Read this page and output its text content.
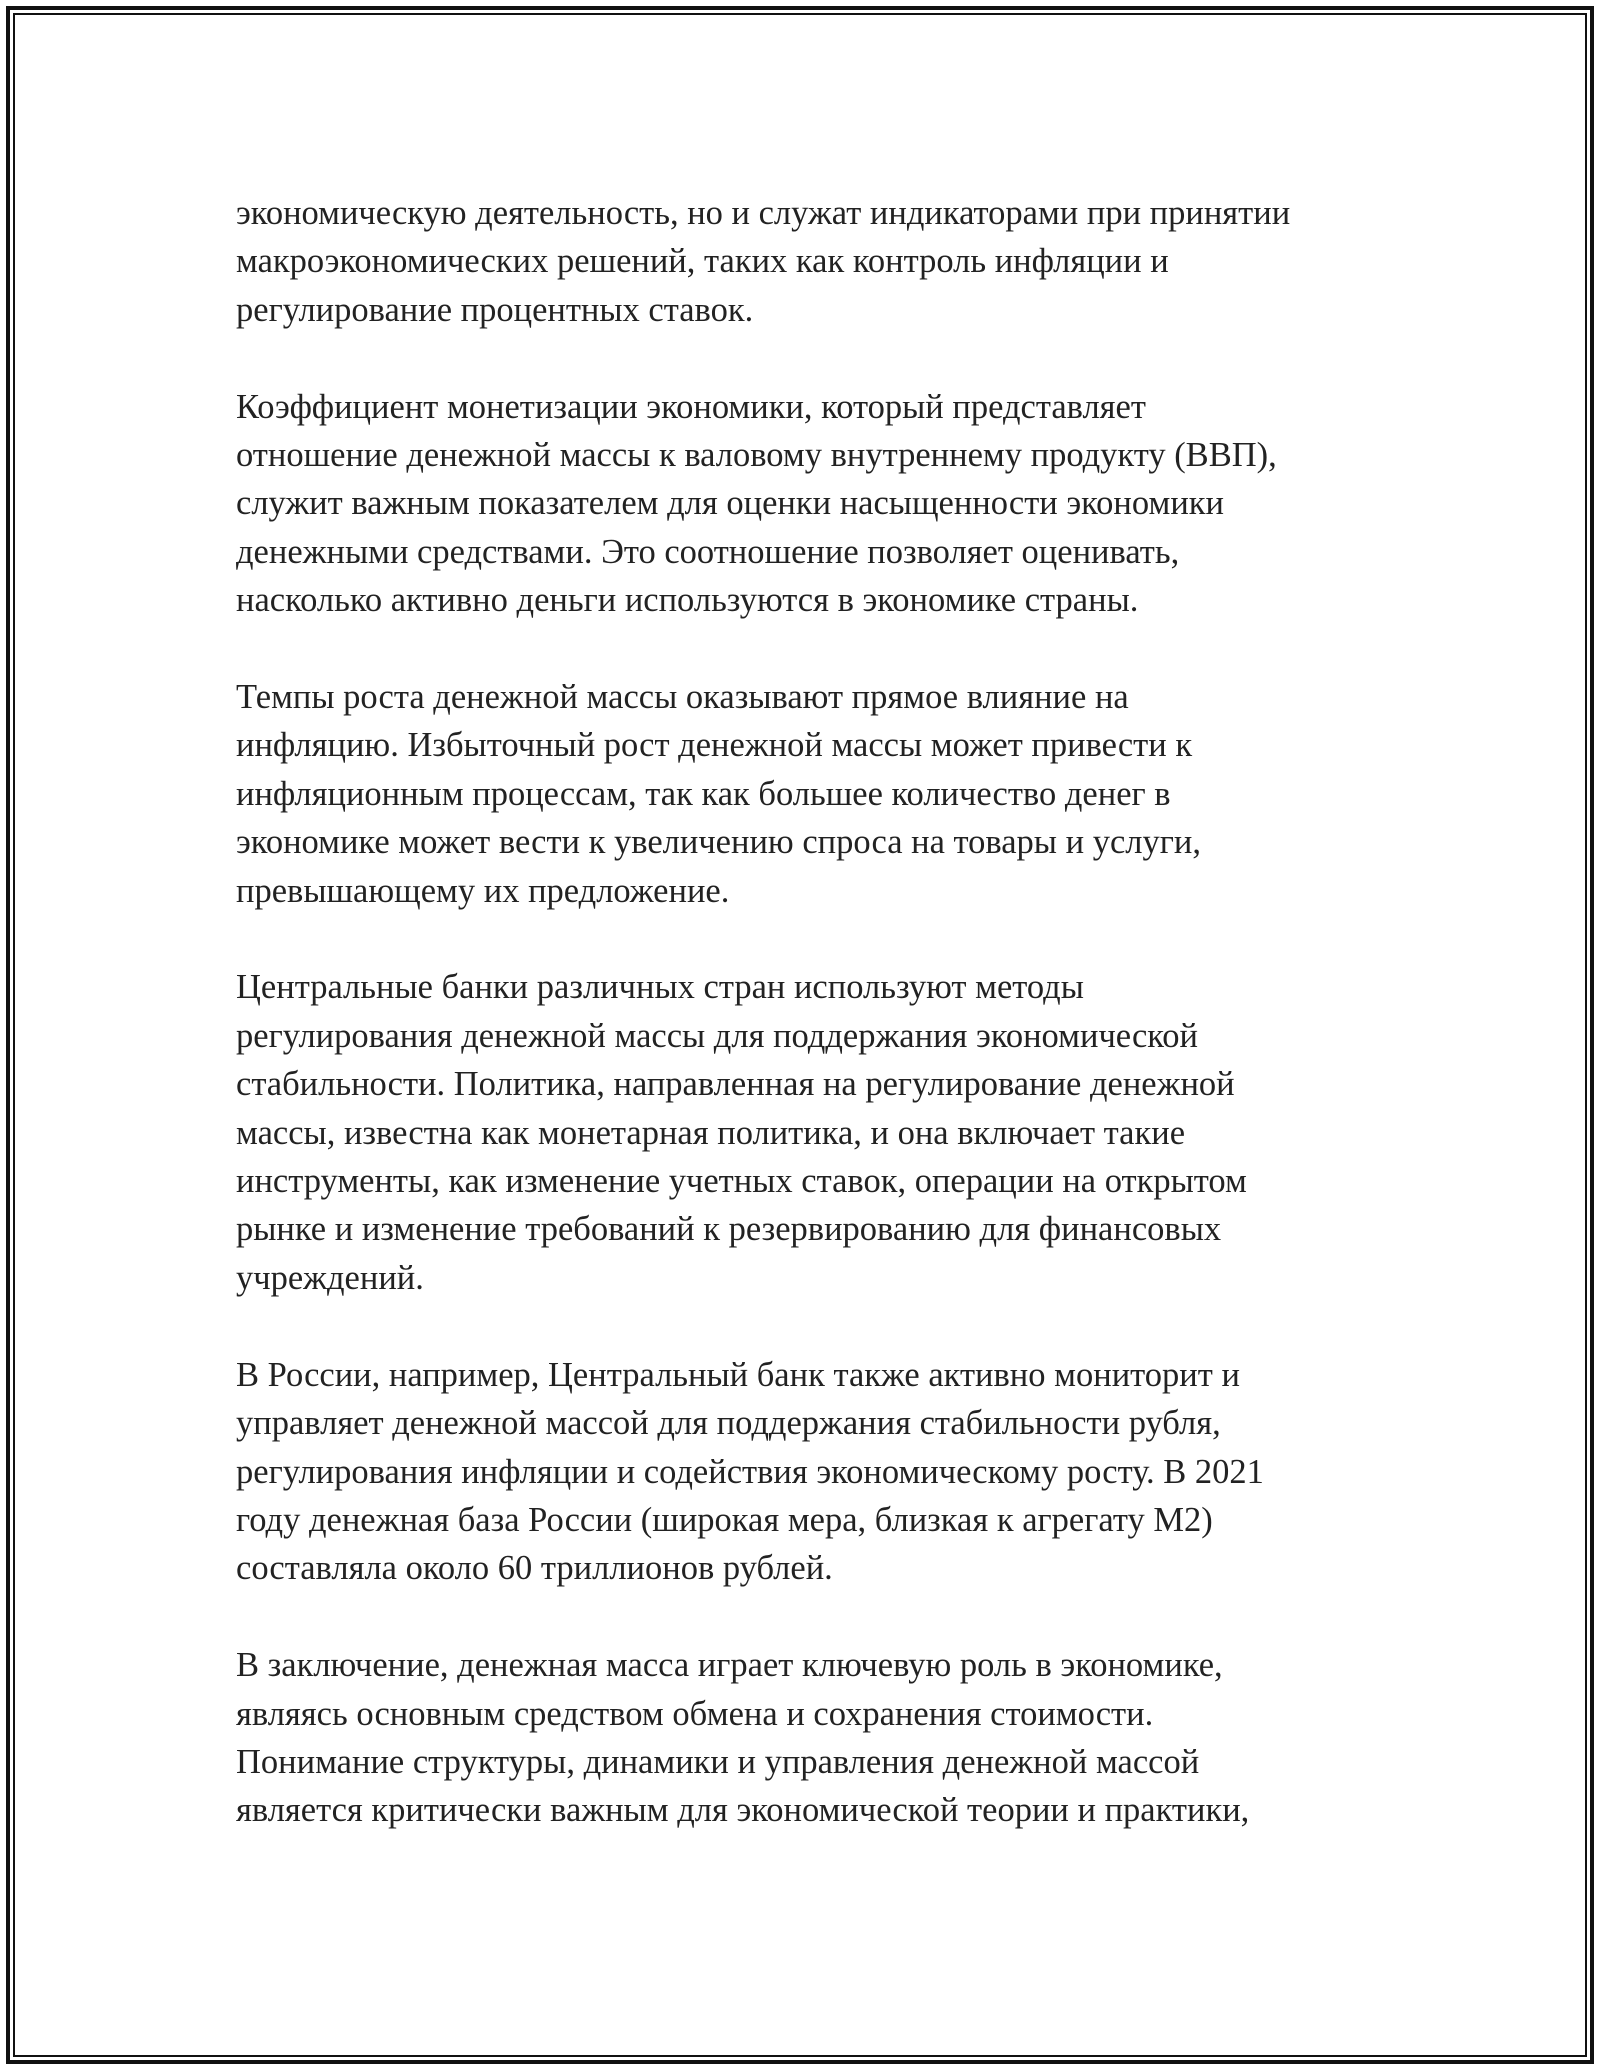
экономическую деятельность, но и служат индикаторами при принятии
макроэкономических решений, таких как контроль инфляции и
регулирование процентных ставок.

Коэффициент монетизации экономики, который представляет
отношение денежной массы к валовому внутреннему продукту (ВВП),
служит важным показателем для оценки насыщенности экономики
денежными средствами. Это соотношение позволяет оценивать,
насколько активно деньги используются в экономике страны.

Темпы роста денежной массы оказывают прямое влияние на
инфляцию. Избыточный рост денежной массы может привести к
инфляционным процессам, так как большее количество денег в
экономике может вести к увеличению спроса на товары и услуги,
превышающему их предложение.

Центральные банки различных стран используют методы
регулирования денежной массы для поддержания экономической
стабильности. Политика, направленная на регулирование денежной
массы, известна как монетарная политика, и она включает такие
инструменты, как изменение учетных ставок, операции на открытом
рынке и изменение требований к резервированию для финансовых
учреждений.

В России, например, Центральный банк также активно мониторит и
управляет денежной массой для поддержания стабильности рубля,
регулирования инфляции и содействия экономическому росту. В 2021
году денежная база России (широкая мера, близкая к агрегату М2)
составляла около 60 триллионов рублей.

В заключение, денежная масса играет ключевую роль в экономике,
являясь основным средством обмена и сохранения стоимости.
Понимание структуры, динамики и управления денежной массой
является критически важным для экономической теории и практики,
